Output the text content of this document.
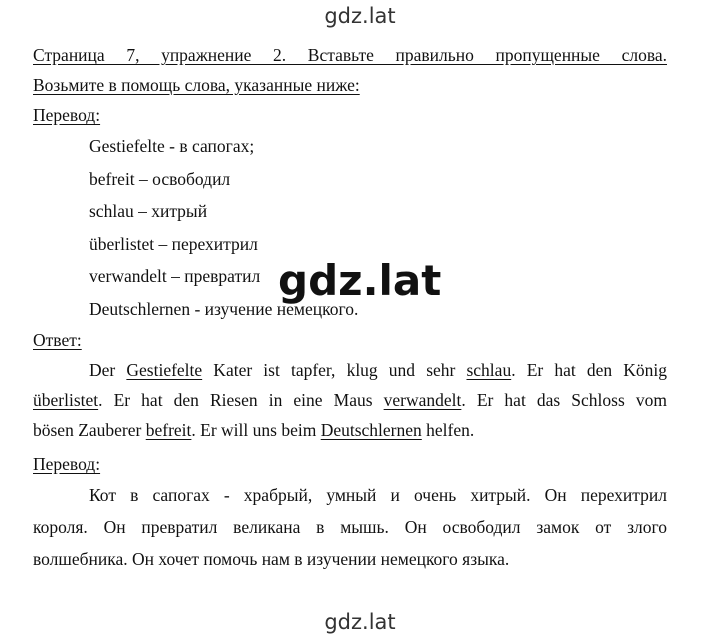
gdz.lat
Страница 7, упражнение 2. Вставьте правильно пропущенные слова.
Возьмите в помощь слова, указанные ниже:
Перевод:
Gestiefelte - в сапогах;
befreit – освободил
schlau – хитрый
überlistet – перехитрил
verwandelt – превратил
Deutschlernen - изучение немецкого.
Ответ:
Der Gestiefelte Kater ist tapfer, klug und sehr schlau. Er hat den König
überlistet. Er hat den Riesen in eine Maus verwandelt. Er hat das Schloss vom
bösen Zauberer befreit. Er will uns beim Deutschlernen helfen.
Перевод:
Кот в сапогах - храбрый, умный и очень хитрый. Он перехитрил
короля. Он превратил великана в мышь. Он освободил замок от злого
волшебника. Он хочет помочь нам в изучении немецкого языка.
gdz.lat
gdz.lat
